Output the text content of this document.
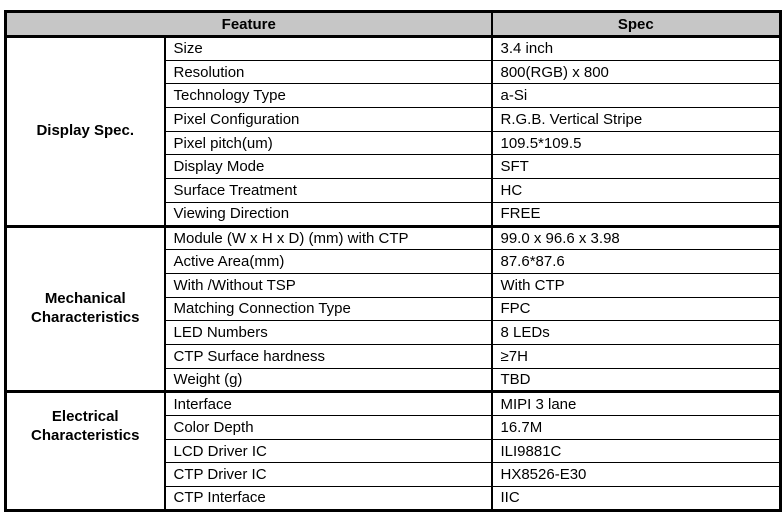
Feature		Spec
Display Spec.	Size	3.4 inch
	Resolution	800(RGB) x 800
	Technology Type	a-Si
	Pixel Configuration	R.G.B. Vertical Stripe
	Pixel pitch(um)	109.5*109.5
	Display Mode	SFT
	Surface Treatment	HC
	Viewing Direction	FREE
Mechanical Characteristics	Module (W x H x D) (mm) with CTP	99.0 x 96.6 x 3.98
	Active Area(mm)	87.6*87.6
	With /Without TSP	With CTP
	Matching Connection Type	FPC
	LED Numbers	8 LEDs
	CTP Surface hardness	≥7H
	Weight (g)	TBD
Electrical Characteristics	Interface	MIPI 3 lane
	Color Depth	16.7M
	LCD Driver IC	ILI9881C
	CTP Driver IC	HX8526-E30
	CTP Interface	IIC
